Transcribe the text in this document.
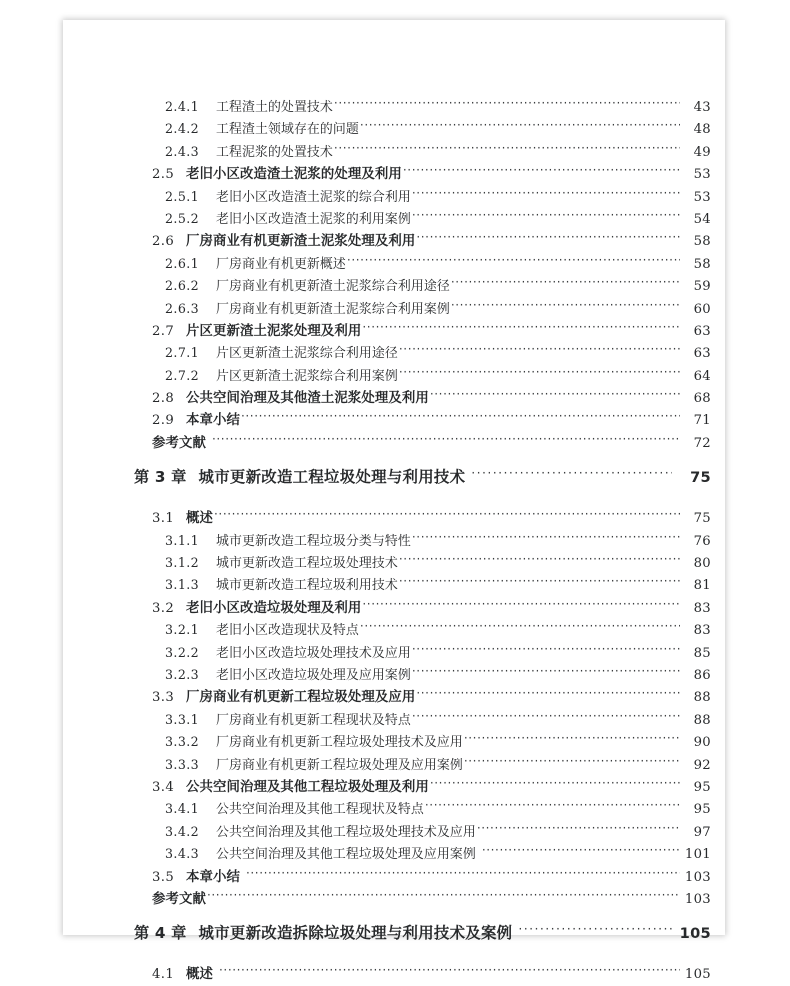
2.4.1	工程渣土的处置技术 ·····	43
2.4.2	工程渣土领域存在的问题 ·····	48
2.4.3	工程泥浆的处置技术 ·····	49
2.5 老旧小区改造渣土泥浆的处理及利用 ·····	53
2.5.1	老旧小区改造渣土泥浆的综合利用 ·····	53
2.5.2	老旧小区改造渣土泥浆的利用案例 ·····	54
2.6 厂房商业有机更新渣土泥浆处理及利用 ·····	58
2.6.1	厂房商业有机更新概述 ·····	58
2.6.2	厂房商业有机更新渣土泥浆综合利用途径 ·····	59
2.6.3	厂房商业有机更新渣土泥浆综合利用案例 ·····	60
2.7 片区更新渣土泥浆处理及利用 ·····	63
2.7.1	片区更新渣土泥浆综合利用途径 ·····	63
2.7.2	片区更新渣土泥浆综合利用案例 ·····	64
2.8 公共空间治理及其他渣土泥浆处理及利用 ·····	68
2.9 本章小结 ·····	71
参考文献 ·····	72
第 3 章 城市更新改造工程垃圾处理与利用技术 ·····	75
3.1 概述 ·····	75
3.1.1	城市更新改造工程垃圾分类与特性 ·····	76
3.1.2	城市更新改造工程垃圾处理技术 ·····	80
3.1.3	城市更新改造工程垃圾利用技术 ·····	81
3.2 老旧小区改造垃圾处理及利用 ·····	83
3.2.1	老旧小区改造现状及特点 ·····	83
3.2.2	老旧小区改造垃圾处理技术及应用 ·····	85
3.2.3	老旧小区改造垃圾处理及应用案例 ·····	86
3.3 厂房商业有机更新工程垃圾处理及应用 ·····	88
3.3.1	厂房商业有机更新工程现状及特点 ·····	88
3.3.2	厂房商业有机更新工程垃圾处理技术及应用 ·····	90
3.3.3	厂房商业有机更新工程垃圾处理及应用案例 ·····	92
3.4 公共空间治理及其他工程垃圾处理及利用 ·····	95
3.4.1	公共空间治理及其他工程现状及特点 ·····	95
3.4.2	公共空间治理及其他工程垃圾处理技术及应用 ·····	97
3.4.3	公共空间治理及其他工程垃圾处理及应用案例 ·····	101
3.5 本章小结 ·····	103
参考文献 ·····	103
第 4 章 城市更新改造拆除垃圾处理与利用技术及案例 ·····	105
4.1 概述 ·····	105
